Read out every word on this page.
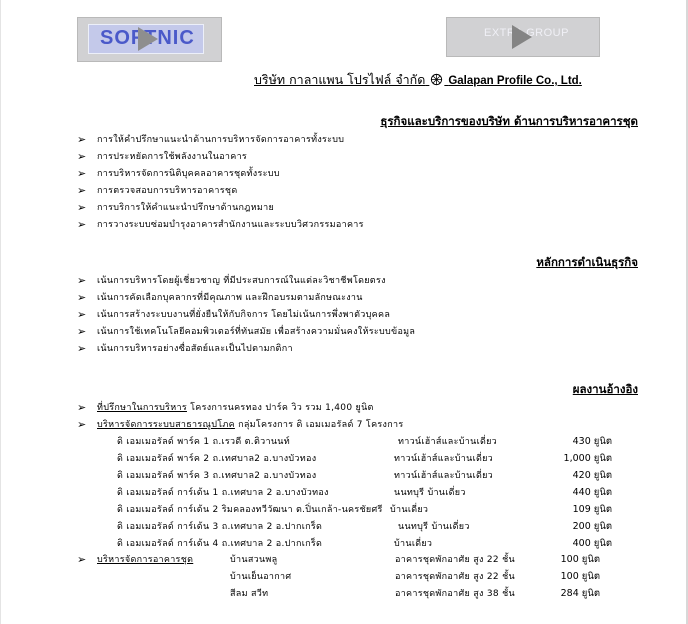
SOFTNIC	EXTRA GROUP
บริษัท กาลาแพน โปรไฟล์ จำกัด Galapan Profile Co., Ltd.
ธุรกิจและบริการของบริษัท ด้านการบริหารอาคารชุด
➢ การให้คำปรึกษาแนะนำด้านการบริหารจัดการอาคารทั้งระบบ
➢ การประหยัดการใช้พลังงานในอาคาร
➢ การบริหารจัดการนิติบุคคลอาคารชุดทั้งระบบ
➢ การตรวจสอบการบริหารอาคารชุด
➢ การบริการให้คำแนะนำปรึกษาด้านกฎหมาย
➢ การวางระบบซ่อมบำรุงอาคารสำนักงานและระบบวิศวกรรมอาคาร
หลักการดำเนินธุรกิจ
➢ เน้นการบริหารโดยผู้เชี่ยวชาญ ที่มีประสบการณ์ในแต่ละวิชาชีพโดยตรง
➢ เน้นการคัดเลือกบุคลากรที่มีคุณภาพ และฝึกอบรมตามลักษณะงาน
➢ เน้นการสร้างระบบงานที่ยั่งยืนให้กับกิจการ โดยไม่เน้นการพึ่งพาตัวบุคคล
➢ เน้นการใช้เทคโนโลยีคอมพิวเตอร์ที่ทันสมัย เพื่อสร้างความมั่นคงให้ระบบข้อมูล
➢ เน้นการบริหารอย่างซื่อสัตย์และเป็นไปตามกติกา
ผลงานอ้างอิง
➢ ที่ปรึกษาในการบริหาร โครงการนครทอง ปาร์ค วิว รวม 1,400 ยูนิต
➢ บริหารจัดการระบบสาธารณูปโภค กลุ่มโครงการ ดิ เอมเมอรัลด์ 7 โครงการ
ดิ เอมเมอรัลด์ พาร์ค 1 ถ.เรวดี ต.ติวานนท์	ทาวน์เฮ้าส์และบ้านเดี่ยว	430 ยูนิต
ดิ เอมเมอรัลด์ พาร์ค 2 ถ.เทศบาล2 อ.บางบัวทอง	ทาวน์เฮ้าส์และบ้านเดี่ยว	1,000 ยูนิต
ดิ เอมเมอรัลด์ พาร์ค 3 ถ.เทศบาล2 อ.บางบัวทอง	ทาวน์เฮ้าส์และบ้านเดี่ยว	420 ยูนิต
ดิ เอมเมอรัลด์ การ์เด้น 1 ถ.เทศบาล 2 อ.บางบัวทอง	นนทบุรี บ้านเดี่ยว	440 ยูนิต
ดิ เอมเมอรัลด์ การ์เด้น 2 ริมคลองทวีวัฒนา ต.ปิ่นเกล้า-นครชัยศรี บ้านเดี่ยว	109 ยูนิต
ดิ เอมเมอรัลด์ การ์เด้น 3 ถ.เทศบาล 2 อ.ปากเกร็ด	นนทบุรี บ้านเดี่ยว	200 ยูนิต
ดิ เอมเมอรัลด์ การ์เด้น 4 ถ.เทศบาล 2 อ.ปากเกร็ด	บ้านเดี่ยว	400 ยูนิต
➢ บริหารจัดการอาคารชุด	บ้านสวนพลู	อาคารชุดพักอาศัย สูง 22 ชั้น	100 ยูนิต
บ้านเย็นอากาศ	อาคารชุดพักอาศัย สูง 22 ชั้น	100 ยูนิต
สีลม สวีท	อาคารชุดพักอาศัย สูง 38 ชั้น	284 ยูนิต
